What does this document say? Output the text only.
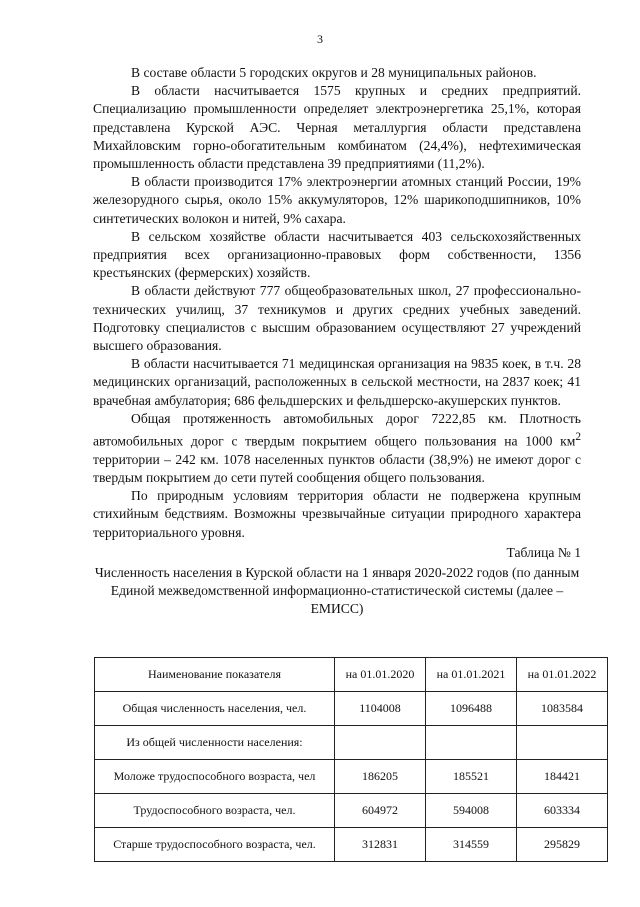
3

В составе области 5 городских округов и 28 муниципальных районов.

В области насчитывается 1575 крупных и средних предприятий. Специализацию промышленности определяет электроэнергетика 25,1%, которая представлена Курской АЭС. Черная металлургия области представлена Михайловским горно-обогатительным комбинатом (24,4%), нефтехимическая промышленность области представлена 39 предприятиями (11,2%).

В области производится 17% электроэнергии атомных станций России, 19% железорудного сырья, около 15% аккумуляторов, 12% шарикоподшипников, 10% синтетических волокон и нитей, 9% сахара.

В сельском хозяйстве области насчитывается 403 сельскохозяйственных предприятия всех организационно-правовых форм собственности, 1356 крестьянских (фермерских) хозяйств.

В области действуют 777 общеобразовательных школ, 27 профессионально-технических училищ, 37 техникумов и других средних учебных заведений. Подготовку специалистов с высшим образованием осуществляют 27 учреждений высшего образования.

В области насчитывается 71 медицинская организация на 9835 коек, в т.ч. 28 медицинских организаций, расположенных в сельской местности, на 2837 коек; 41 врачебная амбулатория; 686 фельдшерских и фельдшерско-акушерских пунктов.

Общая протяженность автомобильных дорог 7222,85 км. Плотность автомобильных дорог с твердым покрытием общего пользования на 1000 $км^2$ территории – 242 км. 1078 населенных пунктов области (38,9%) не имеют дорог с твердым покрытием до сети путей сообщения общего пользования.

По природным условиям территория области не подвержена крупным стихийным бедствиям. Возможны чрезвычайные ситуации природного характера территориального уровня.

Таблица № 1
Численность населения в Курской области на 1 января 2020-2022 годов (по данным Единой межведомственной информационно-статистической системы (далее – ЕМИСС)
Наименование показателя	на 01.01.2020	на 01.01.2021	на 01.01.2022
Общая численность населения, чел.	1104008	1096488	1083584
Из общей численности населения:			
Моложе трудоспособного возраста, чел	186205	185521	184421
Трудоспособного возраста, чел.	604972	594008	603334
Старше трудоспособного возраста, чел.	312831	314559	295829
